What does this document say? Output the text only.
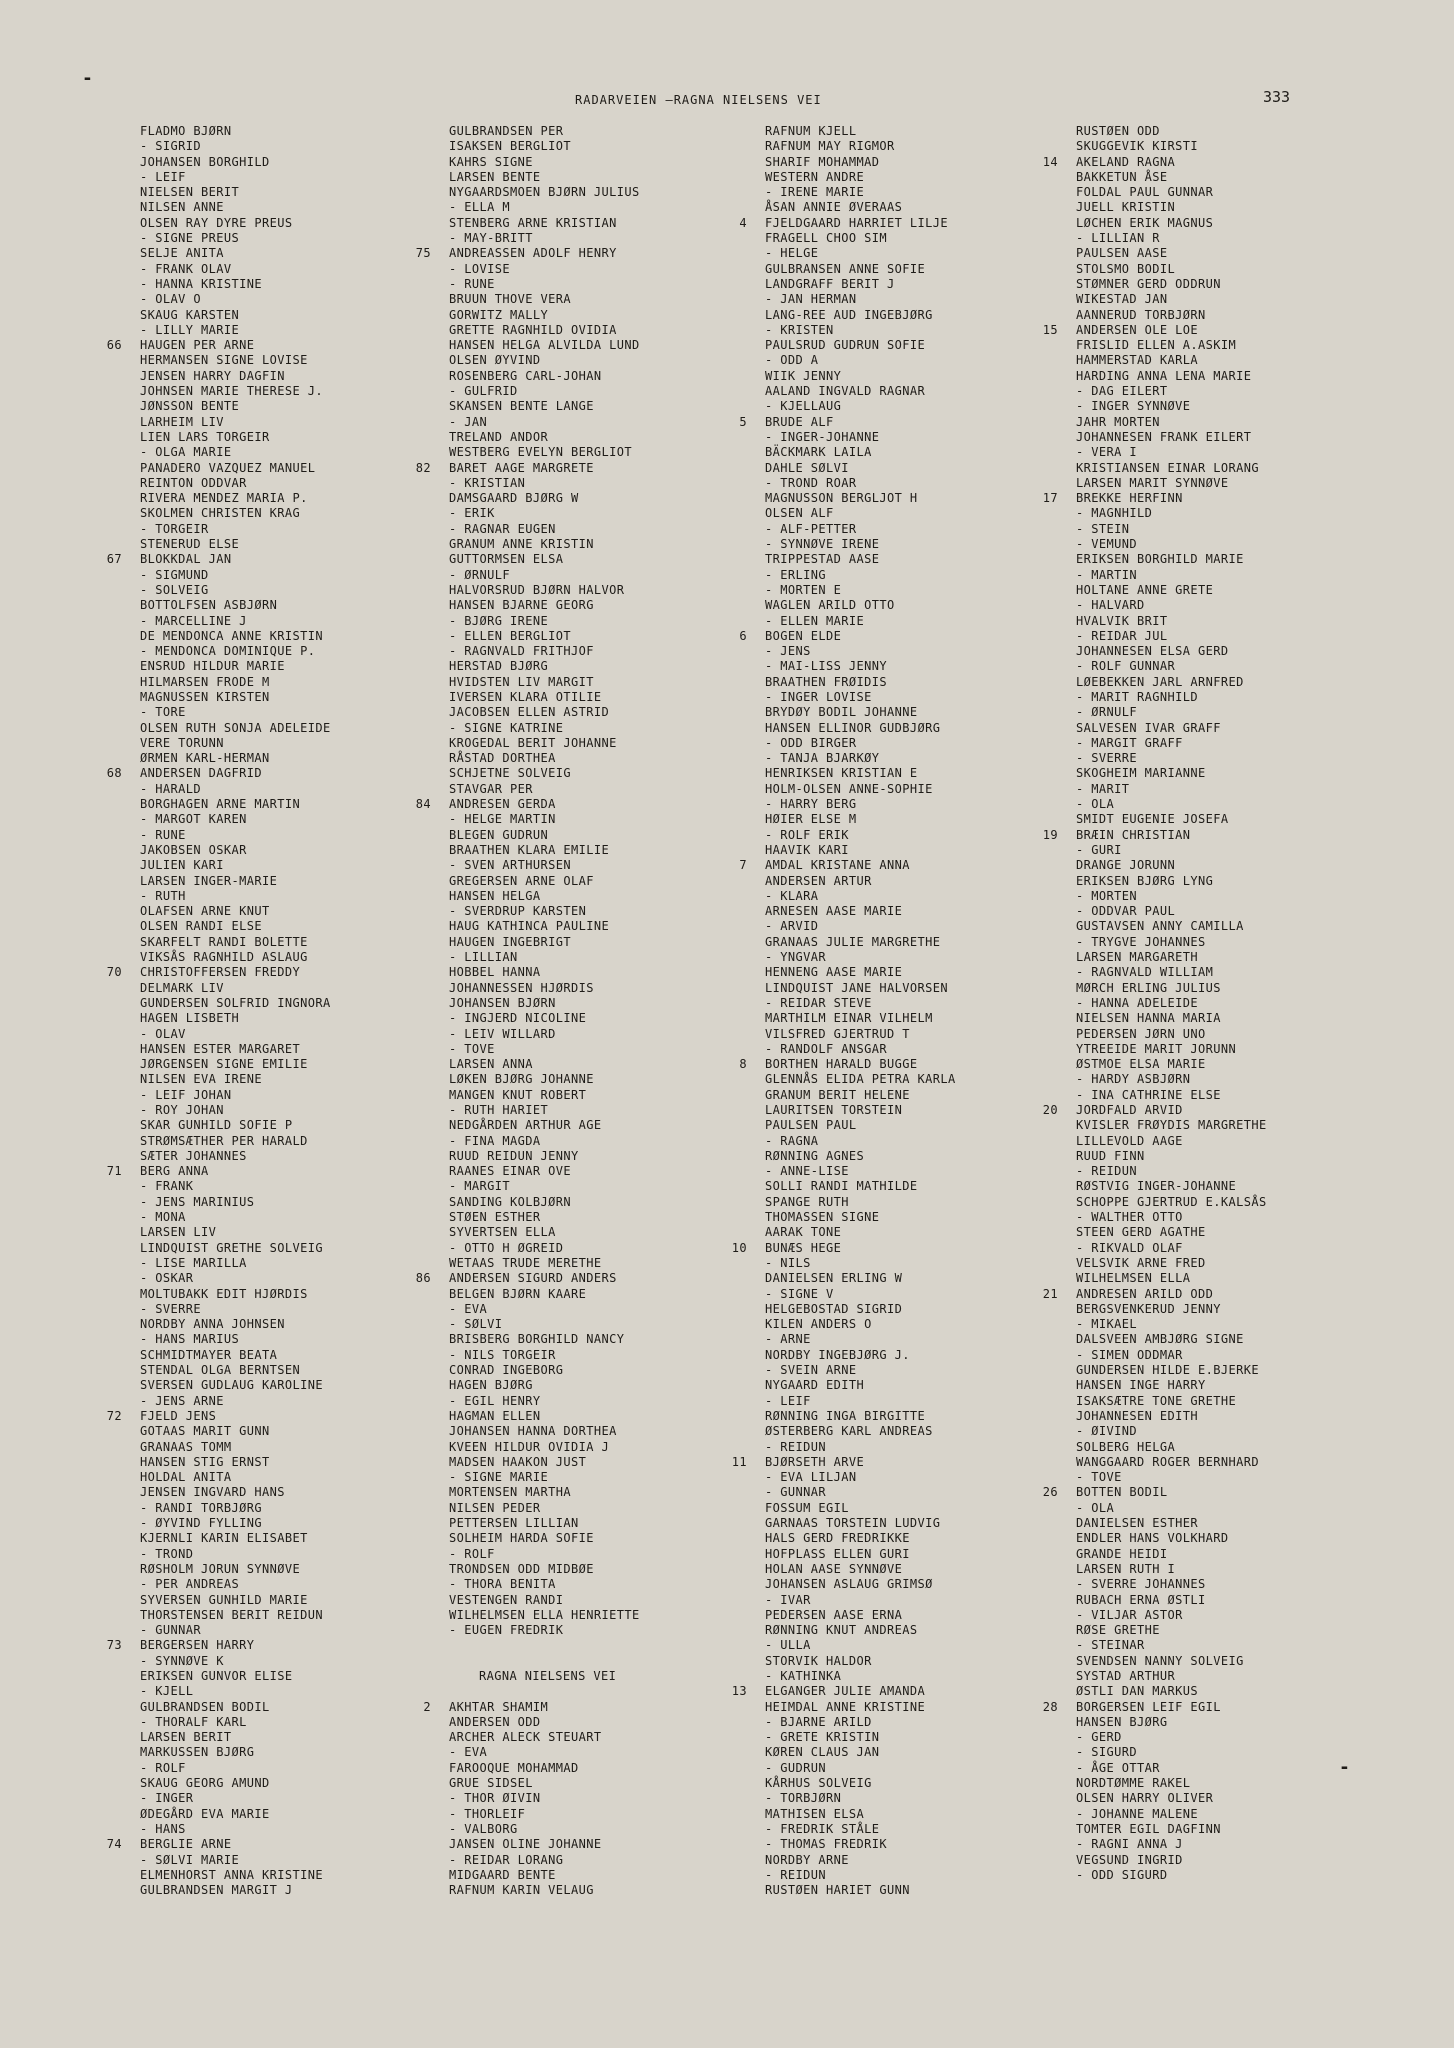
-
RADARVEIEN –RAGNA NIELSENS VEI	333
-
FLADMO BJØRN
- SIGRID
JOHANSEN BORGHILD
- LEIF
NIELSEN BERIT
NILSEN ANNE
OLSEN RAY DYRE PREUS
- SIGNE PREUS
SELJE ANITA
- FRANK OLAV
- HANNA KRISTINE
- OLAV O
SKAUG KARSTEN
- LILLY MARIE
66 HAUGEN PER ARNE
HERMANSEN SIGNE LOVISE
JENSEN HARRY DAGFIN
JOHNSEN MARIE THERESE J.
JØNSSON BENTE
LARHEIM LIV
LIEN LARS TORGEIR
- OLGA MARIE
PANADERO VAZQUEZ MANUEL
REINTON ODDVAR
RIVERA MENDEZ MARIA P.
SKOLMEN CHRISTEN KRAG
- TORGEIR
STENERUD ELSE
67 BLOKKDAL JAN
- SIGMUND
- SOLVEIG
BOTTOLFSEN ASBJØRN
- MARCELLINE J
DE MENDONCA ANNE KRISTIN
- MENDONCA DOMINIQUE P.
ENSRUD HILDUR MARIE
HILMARSEN FRODE M
MAGNUSSEN KIRSTEN
- TORE
OLSEN RUTH SONJA ADELEIDE
VERE TORUNN
ØRMEN KARL-HERMAN
68 ANDERSEN DAGFRID
- HARALD
BORGHAGEN ARNE MARTIN
- MARGOT KAREN
- RUNE
JAKOBSEN OSKAR
JULIEN KARI
LARSEN INGER-MARIE
- RUTH
OLAFSEN ARNE KNUT
OLSEN RANDI ELSE
SKARFELT RANDI BOLETTE
VIKSÅS RAGNHILD ASLAUG
70 CHRISTOFFERSEN FREDDY
DELMARK LIV
GUNDERSEN SOLFRID INGNORA
HAGEN LISBETH
- OLAV
HANSEN ESTER MARGARET
JØRGENSEN SIGNE EMILIE
NILSEN EVA IRENE
- LEIF JOHAN
- ROY JOHAN
SKAR GUNHILD SOFIE P
STRØMSÆTHER PER HARALD
SÆTER JOHANNES
71 BERG ANNA
- FRANK
- JENS MARINIUS
- MONA
LARSEN LIV
LINDQUIST GRETHE SOLVEIG
- LISE MARILLA
- OSKAR
MOLTUBAKK EDIT HJØRDIS
- SVERRE
NORDBY ANNA JOHNSEN
- HANS MARIUS
SCHMIDTMAYER BEATA
STENDAL OLGA BERNTSEN
SVERSEN GUDLAUG KAROLINE
- JENS ARNE
72 FJELD JENS
GOTAAS MARIT GUNN
GRANAAS TOMM
HANSEN STIG ERNST
HOLDAL ANITA
JENSEN INGVARD HANS
- RANDI TORBJØRG
- ØYVIND FYLLING
KJERNLI KARIN ELISABET
- TROND
RØSHOLM JORUN SYNNØVE
- PER ANDREAS
SYVERSEN GUNHILD MARIE
THORSTENSEN BERIT REIDUN
- GUNNAR
73 BERGERSEN HARRY
- SYNNØVE K
ERIKSEN GUNVOR ELISE
- KJELL
GULBRANDSEN BODIL
- THORALF KARL
LARSEN BERIT
MARKUSSEN BJØRG
- ROLF
SKAUG GEORG AMUND
- INGER
ØDEGÅRD EVA MARIE
- HANS
74 BERGLIE ARNE
- SØLVI MARIE
ELMENHORST ANNA KRISTINE
GULBRANDSEN MARGIT J
GULBRANDSEN PER
ISAKSEN BERGLIOT
KAHRS SIGNE
LARSEN BENTE
NYGAARDSMOEN BJØRN JULIUS
- ELLA M
STENBERG ARNE KRISTIAN
- MAY-BRITT
75 ANDREASSEN ADOLF HENRY
- LOVISE
- RUNE
BRUUN THOVE VERA
GORWITZ MALLY
GRETTE RAGNHILD OVIDIA
HANSEN HELGA ALVILDA LUND
OLSEN ØYVIND
ROSENBERG CARL-JOHAN
- GULFRID
SKANSEN BENTE LANGE
- JAN
TRELAND ANDOR
WESTBERG EVELYN BERGLIOT
82 BARET AAGE MARGRETE
- KRISTIAN
DAMSGAARD BJØRG W
- ERIK
- RAGNAR EUGEN
GRANUM ANNE KRISTIN
GUTTORMSEN ELSA
- ØRNULF
HALVORSRUD BJØRN HALVOR
HANSEN BJARNE GEORG
- BJØRG IRENE
- ELLEN BERGLIOT
- RAGNVALD FRITHJOF
HERSTAD BJØRG
HVIDSTEN LIV MARGIT
IVERSEN KLARA OTILIE
JACOBSEN ELLEN ASTRID
- SIGNE KATRINE
KROGEDAL BERIT JOHANNE
RÅSTAD DORTHEA
SCHJETNE SOLVEIG
STAVGAR PER
84 ANDRESEN GERDA
- HELGE MARTIN
BLEGEN GUDRUN
BRAATHEN KLARA EMILIE
- SVEN ARTHURSEN
GREGERSEN ARNE OLAF
HANSEN HELGA
- SVERDRUP KARSTEN
HAUG KATHINCA PAULINE
HAUGEN INGEBRIGT
- LILLIAN
HOBBEL HANNA
JOHANNESSEN HJØRDIS
JOHANSEN BJØRN
- INGJERD NICOLINE
- LEIV WILLARD
- TOVE
LARSEN ANNA
LØKEN BJØRG JOHANNE
MANGEN KNUT ROBERT
- RUTH HARIET
NEDGÅRDEN ARTHUR AGE
- FINA MAGDA
RUUD REIDUN JENNY
RAANES EINAR OVE
- MARGIT
SANDING KOLBJØRN
STØEN ESTHER
SYVERTSEN ELLA
- OTTO H ØGREID
WETAAS TRUDE MERETHE
86 ANDERSEN SIGURD ANDERS
BELGEN BJØRN KAARE
- EVA
- SØLVI
BRISBERG BORGHILD NANCY
- NILS TORGEIR
CONRAD INGEBORG
HAGEN BJØRG
- EGIL HENRY
HAGMAN ELLEN
JOHANSEN HANNA DORTHEA
KVEEN HILDUR OVIDIA J
MADSEN HAAKON JUST
- SIGNE MARIE
MORTENSEN MARTHA
NILSEN PEDER
PETTERSEN LILLIAN
SOLHEIM HARDA SOFIE
- ROLF
TRONDSEN ODD MIDBØE
- THORA BENITA
VESTENGEN RANDI
WILHELMSEN ELLA HENRIETTE
- EUGEN FREDRIK
RAGNA NIELSENS VEI
2 AKHTAR SHAMIM
ANDERSEN ODD
ARCHER ALECK STEUART
- EVA
FAROOQUE MOHAMMAD
GRUE SIDSEL
- THOR ØIVIN
- THORLEIF
- VALBORG
JANSEN OLINE JOHANNE
- REIDAR LORANG
MIDGAARD BENTE
RAFNUM KARIN VELAUG
RAFNUM KJELL
RAFNUM MAY RIGMOR
SHARIF MOHAMMAD
WESTERN ANDRE
- IRENE MARIE
ÅSAN ANNIE ØVERAAS
4 FJELDGAARD HARRIET LILJE
FRAGELL CHOO SIM
- HELGE
GULBRANSEN ANNE SOFIE
LANDGRAFF BERIT J
- JAN HERMAN
LANG-REE AUD INGEBJØRG
- KRISTEN
PAULSRUD GUDRUN SOFIE
- ODD A
WIIK JENNY
AALAND INGVALD RAGNAR
- KJELLAUG
5 BRUDE ALF
- INGER-JOHANNE
BÄCKMARK LAILA
DAHLE SØLVI
- TROND ROAR
MAGNUSSON BERGLJOT H
OLSEN ALF
- ALF-PETTER
- SYNNØVE IRENE
TRIPPESTAD AASE
- ERLING
- MORTEN E
WAGLEN ARILD OTTO
- ELLEN MARIE
6 BOGEN ELDE
- JENS
- MAI-LISS JENNY
BRAATHEN FRØIDIS
- INGER LOVISE
BRYDØY BODIL JOHANNE
HANSEN ELLINOR GUDBJØRG
- ODD BIRGER
- TANJA BJARKØY
HENRIKSEN KRISTIAN E
HOLM-OLSEN ANNE-SOPHIE
- HARRY BERG
HØIER ELSE M
- ROLF ERIK
HAAVIK KARI
7 AMDAL KRISTANE ANNA
ANDERSEN ARTUR
- KLARA
ARNESEN AASE MARIE
- ARVID
GRANAAS JULIE MARGRETHE
- YNGVAR
HENNENG AASE MARIE
LINDQUIST JANE HALVORSEN
- REIDAR STEVE
MARTHILM EINAR VILHELM
VILSFRED GJERTRUD T
- RANDOLF ANSGAR
8 BORTHEN HARALD BUGGE
GLENNÅS ELIDA PETRA KARLA
GRANUM BERIT HELENE
LAURITSEN TORSTEIN
PAULSEN PAUL
- RAGNA
RØNNING AGNES
- ANNE-LISE
SOLLI RANDI MATHILDE
SPANGE RUTH
THOMASSEN SIGNE
AARAK TONE
10 BUNÆS HEGE
- NILS
DANIELSEN ERLING W
- SIGNE V
HELGEBOSTAD SIGRID
KILEN ANDERS O
- ARNE
NORDBY INGEBJØRG J.
- SVEIN ARNE
NYGAARD EDITH
- LEIF
RØNNING INGA BIRGITTE
ØSTERBERG KARL ANDREAS
- REIDUN
11 BJØRSETH ARVE
- EVA LILJAN
- GUNNAR
FOSSUM EGIL
GARNAAS TORSTEIN LUDVIG
HALS GERD FREDRIKKE
HOFPLASS ELLEN GURI
HOLAN AASE SYNNØVE
JOHANSEN ASLAUG GRIMSØ
- IVAR
PEDERSEN AASE ERNA
RØNNING KNUT ANDREAS
- ULLA
STORVIK HALDOR
- KATHINKA
13 ELGANGER JULIE AMANDA
HEIMDAL ANNE KRISTINE
- BJARNE ARILD
- GRETE KRISTIN
KØREN CLAUS JAN
- GUDRUN
KÅRHUS SOLVEIG
- TORBJØRN
MATHISEN ELSA
- FREDRIK STÅLE
- THOMAS FREDRIK
NORDBY ARNE
- REIDUN
RUSTØEN HARIET GUNN
RUSTØEN ODD
SKUGGEVIK KIRSTI
14 AKELAND RAGNA
BAKKETUN ÅSE
FOLDAL PAUL GUNNAR
JUELL KRISTIN
LØCHEN ERIK MAGNUS
- LILLIAN R
PAULSEN AASE
STOLSMO BODIL
STØMNER GERD ODDRUN
WIKESTAD JAN
AANNERUD TORBJØRN
15 ANDERSEN OLE LOE
FRISLID ELLEN A.ASKIM
HAMMERSTAD KARLA
HARDING ANNA LENA MARIE
- DAG EILERT
- INGER SYNNØVE
JAHR MORTEN
JOHANNESEN FRANK EILERT
- VERA I
KRISTIANSEN EINAR LORANG
LARSEN MARIT SYNNØVE
17 BREKKE HERFINN
- MAGNHILD
- STEIN
- VEMUND
ERIKSEN BORGHILD MARIE
- MARTIN
HOLTANE ANNE GRETE
- HALVARD
HVALVIK BRIT
- REIDAR JUL
JOHANNESEN ELSA GERD
- ROLF GUNNAR
LØEBEKKEN JARL ARNFRED
- MARIT RAGNHILD
- ØRNULF
SALVESEN IVAR GRAFF
- MARGIT GRAFF
- SVERRE
SKOGHEIM MARIANNE
- MARIT
- OLA
SMIDT EUGENIE JOSEFA
19 BRÆIN CHRISTIAN
- GURI
DRANGE JORUNN
ERIKSEN BJØRG LYNG
- MORTEN
- ODDVAR PAUL
GUSTAVSEN ANNY CAMILLA
- TRYGVE JOHANNES
LARSEN MARGARETH
- RAGNVALD WILLIAM
MØRCH ERLING JULIUS
- HANNA ADELEIDE
NIELSEN HANNA MARIA
PEDERSEN JØRN UNO
YTREEIDE MARIT JORUNN
ØSTMOE ELSA MARIE
- HARDY ASBJØRN
- INA CATHRINE ELSE
20 JORDFALD ARVID
KVISLER FRØYDIS MARGRETHE
LILLEVOLD AAGE
RUUD FINN
- REIDUN
RØSTVIG INGER-JOHANNE
SCHOPPE GJERTRUD E.KALSÅS
- WALTHER OTTO
STEEN GERD AGATHE
- RIKVALD OLAF
VELSVIK ARNE FRED
WILHELMSEN ELLA
21 ANDRESEN ARILD ODD
BERGSVENKERUD JENNY
- MIKAEL
DALSVEEN AMBJØRG SIGNE
- SIMEN ODDMAR
GUNDERSEN HILDE E.BJERKE
HANSEN INGE HARRY
ISAKSÆTRE TONE GRETHE
JOHANNESEN EDITH
- ØIVIND
SOLBERG HELGA
WANGGAARD ROGER BERNHARD
- TOVE
26 BOTTEN BODIL
- OLA
DANIELSEN ESTHER
ENDLER HANS VOLKHARD
GRANDE HEIDI
LARSEN RUTH I
- SVERRE JOHANNES
RUBACH ERNA ØSTLI
- VILJAR ASTOR
RØSE GRETHE
- STEINAR
SVENDSEN NANNY SOLVEIG
SYSTAD ARTHUR
ØSTLI DAN MARKUS
28 BORGERSEN LEIF EGIL
HANSEN BJØRG
- GERD
- SIGURD
- ÅGE OTTAR
NORDTØMME RAKEL
OLSEN HARRY OLIVER
- JOHANNE MALENE
TOMTER EGIL DAGFINN
- RAGNI ANNA J
VEGSUND INGRID
- ODD SIGURD
